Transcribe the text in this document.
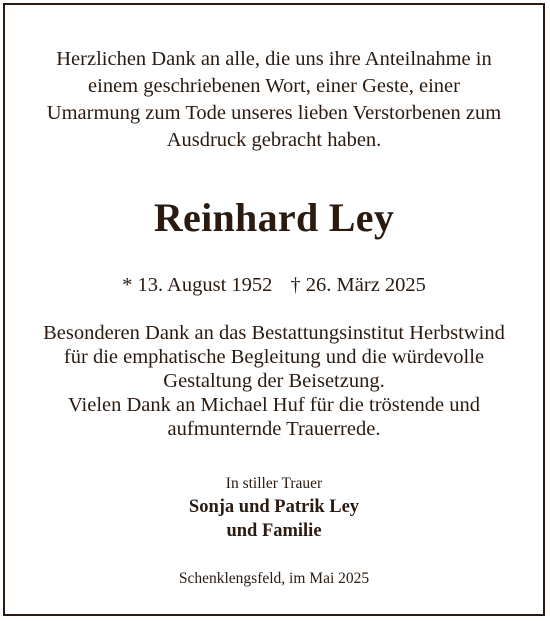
Herzlichen Dank an alle, die uns ihre Anteilnahme in
einem geschriebenen Wort, einer Geste, einer
Umarmung zum Tode unseres lieben Verstorbenen zum
Ausdruck gebracht haben.
Reinhard Ley
* 13. August 1952 † 26. März 2025
Besonderen Dank an das Bestattungsinstitut Herbstwind
für die emphatische Begleitung und die würdevolle
Gestaltung der Beisetzung.
Vielen Dank an Michael Huf für die tröstende und
aufmunternde Trauerrede.
In stiller Trauer
Sonja und Patrik Ley
und Familie
Schenklengsfeld, im Mai 2025
